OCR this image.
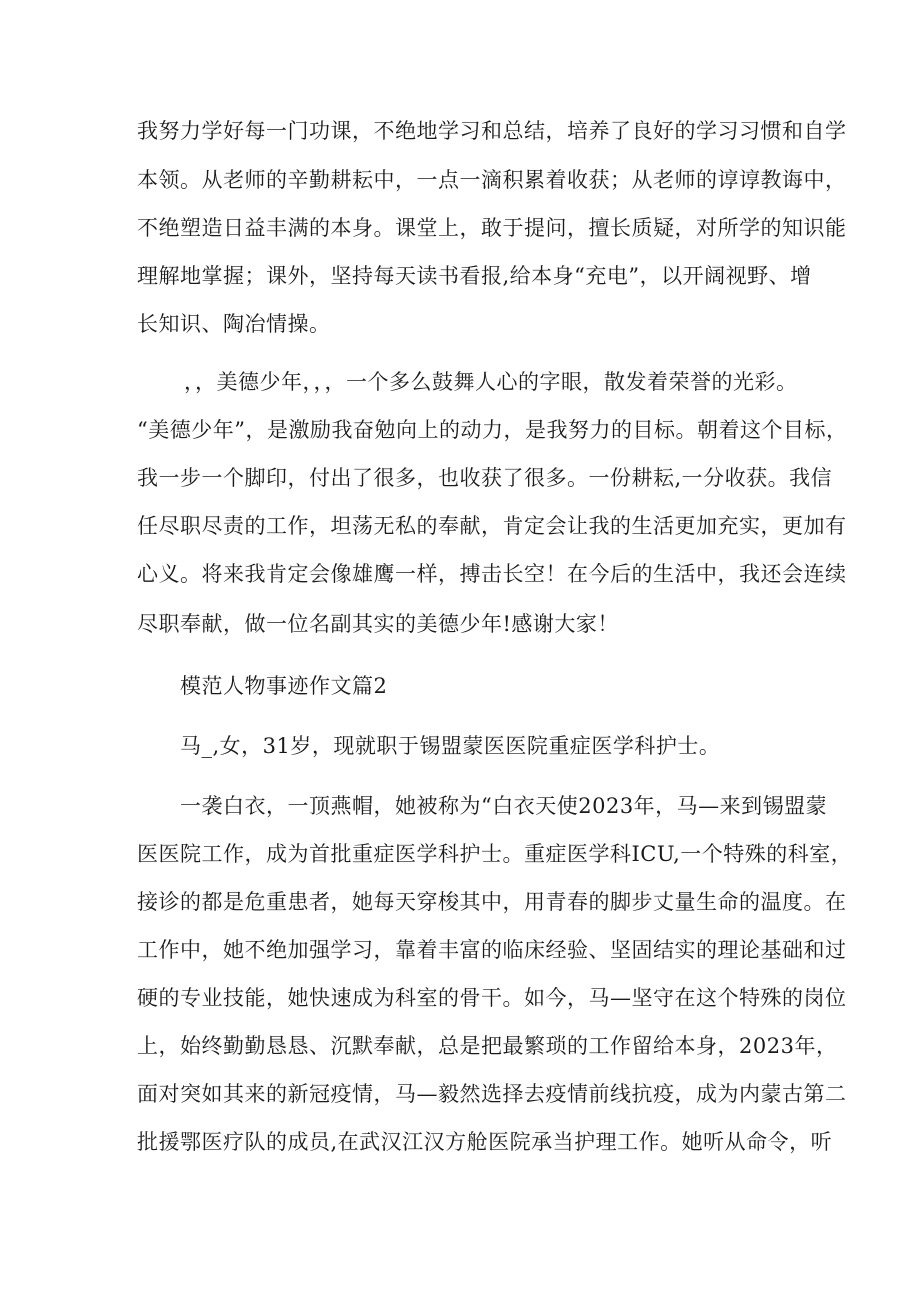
我努力学好每一门功课，不绝地学习和总结，培养了良好的学习习惯和自学

本领。从老师的辛勤耕耘中，一点一滴积累着收获；从老师的谆谆教诲中，

不绝塑造日益丰满的本身。课堂上，敢于提问，擅长质疑，对所学的知识能

理解地掌握；课外，坚持每天读书看报,给本身“充电”，以开阔视野、增

长知识、陶冶情操。

，，美德少年，，，一个多么鼓舞人心的字眼，散发着荣誉的光彩。

“美德少年”，是激励我奋勉向上的动力，是我努力的目标。朝着这个目标，

我一步一个脚印，付出了很多，也收获了很多。一份耕耘,一分收获。我信

任尽职尽责的工作，坦荡无私的奉献，肯定会让我的生活更加充实，更加有

心义。将来我肯定会像雄鹰一样，搏击长空！在今后的生活中，我还会连续

尽职奉献，做一位名副其实的美德少年!感谢大家！

模范人物事迹作文篇2

马_,女，31岁，现就职于锡盟蒙医医院重症医学科护士。

一袭白衣，一顶燕帽，她被称为“白衣天使2023年，马—来到锡盟蒙

医医院工作，成为首批重症医学科护士。重症医学科ICU,一个特殊的科室，

接诊的都是危重患者，她每天穿梭其中，用青春的脚步丈量生命的温度。在

工作中，她不绝加强学习，靠着丰富的临床经验、坚固结实的理论基础和过

硬的专业技能，她快速成为科室的骨干。如今，马—坚守在这个特殊的岗位

上，始终勤勤恳恳、沉默奉献，总是把最繁琐的工作留给本身，2023年，

面对突如其来的新冠疫情，马—毅然选择去疫情前线抗疫，成为内蒙古第二

批援鄂医疗队的成员,在武汉江汉方舱医院承当护理工作。她听从命令，听
